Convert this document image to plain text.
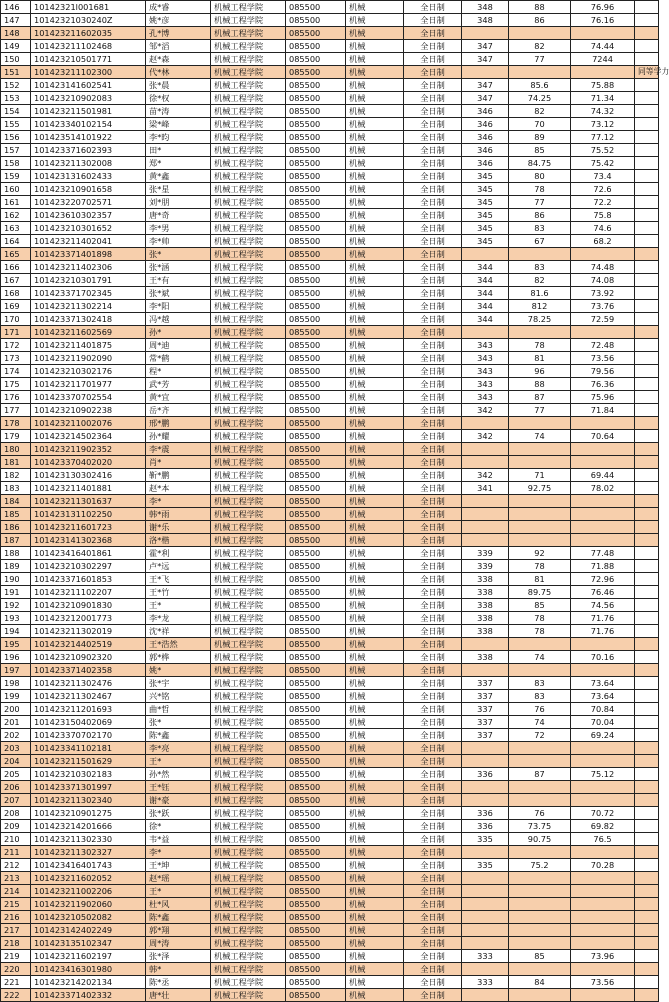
146	10142321l001681	成*睿	机械工程学院	085500	机械	全日制	348	88	76.96	
147	10142321030240Z	姚*彦	机械工程学院	085500	机械	全日制	348	86	76.16	
148	101423211602035	孔*博	机械工程学院	085500	机械	全日制				
149	101423211102468	邹*滔	机械工程学院	085500	机械	全日制	347	82	74.44	
150	101423210501771	赵*森	机械工程学院	085500	机械	全日制	347	77	7244	
151	101423211102300	代*林	机械工程学院	085500	机械	全日制				同等学力
152	101423141602541	张*晨	机械工程学院	085500	机械	全日制	347	85.6	75.88	
153	101423210902083	徐*权	机械工程学院	085500	机械	全日制	347	74.25	71.34	
154	101423211501981	苗*涛	机械工程学院	085500	机械	全日制	346	82	74.32	
155	101423340102154	梁*峰	机械工程学院	085500	机械	全日制	346	70	73.12	
156	101423514101922	李*昀	机械工程学院	085500	机械	全日制	346	89	77.12	
157	101423371602393	田*	机械工程学院	085500	机械	全日制	346	85	75.52	
158	101423211302008	郑*	机械工程学院	085500	机械	全日制	346	84.75	75.42	
159	101423131602433	黄*鑫	机械工程学院	085500	机械	全日制	345	80	73.4	
160	101423210901658	张*星	机械工程学院	085500	机械	全日制	345	78	72.6	
161	101423220702571	刘*朋	机械工程学院	085500	机械	全日制	345	77	72.2	
162	101423610302357	唐*奇	机械工程学院	085500	机械	全日制	345	86	75.8	
163	101423210301652	李*男	机械工程学院	085500	机械	全日制	345	83	74.6	
164	101423211402041	李*帅	机械工程学院	085500	机械	全日制	345	67	68.2	
165	101423371401898	张*	机械工程学院	085500	机械	全日制				
166	101423211402306	张*涵	机械工程学院	085500	机械	全日制	344	83	74.48	
167	101423210301791	王*有	机械工程学院	085500	机械	全日制	344	82	74.08	
168	101423371702345	张*斌	机械工程学院	085500	机械	全日制	344	81.6	73.92	
169	101423211302214	李*阳	机械工程学院	085500	机械	全日制	344	812	73.76	
170	101423371302418	冯*越	机械工程学院	085500	机械	全日制	344	78.25	72.59	
171	101423211602569	孙*	机械工程学院	085500	机械	全日制				
172	101423211401875	周*迪	机械工程学院	085500	机械	全日制	343	78	72.48	
173	101423211902090	常*鹤	机械工程学院	085500	机械	全日制	343	81	73.56	
174	101423210302176	程*	机械工程学院	085500	机械	全日制	343	96	79.56	
175	101423211701977	武*芳	机械工程学院	085500	机械	全日制	343	88	76.36	
176	101423370702554	黄*宜	机械工程学院	085500	机械	全日制	343	87	75.96	
177	101423210902238	岳*齐	机械工程学院	085500	机械	全日制	342	77	71.84	
178	101423211002076	邢*鹏	机械工程学院	085500	机械	全日制				
179	101423214502364	孙*耀	机械工程学院	085500	机械	全日制	342	74	70.64	
180	101423211902352	李*震	机械工程学院	085500	机械	全日制				
181	101423370402020	肖*	机械工程学院	085500	机械	全日制				
182	101423130302416	靳*鹏	机械工程学院	085500	机械	全日制	342	71	69.44	
183	101423211401881	赵*本	机械工程学院	085500	机械	全日制	341	92.75	78.02	
184	101423211301637	李*	机械工程学院	085500	机械	全日制				
185	101423131102250	韩*雨	机械工程学院	085500	机械	全日制				
186	101423211601723	谢*乐	机械工程学院	085500	机械	全日制				
187	101423141302368	洛*楷	机械工程学院	085500	机械	全日制				
188	101423416401861	霍*利	机械工程学院	085500	机械	全日制	339	92	77.48	
189	101423210302297	卢*远	机械工程学院	085500	机械	全日制	339	78	71.88	
190	101423371601853	王*飞	机械工程学院	085500	机械	全日制	338	81	72.96	
191	101423211102207	王*竹	机械工程学院	085500	机械	全日制	338	89.75	76.46	
192	101423210901830	王*	机械工程学院	085500	机械	全日制	338	85	74.56	
193	101423212001773	李*龙	机械工程学院	085500	机械	全日制	338	78	71.76	
194	101423211302019	沈*祥	机械工程学院	085500	机械	全日制	338	78	71.76	
195	101423214402519	王*浩然	机械工程学院	085500	机械	全日制				
196	101423210902320	郭*桦	机械工程学院	085500	机械	全日制	338	74	70.16	
197	101423371402358	姚*	机械工程学院	085500	机械	全日制				
198	101423211302476	张*宇	机械工程学院	085500	机械	全日制	337	83	73.64	
199	101423211302467	兴*铭	机械工程学院	085500	机械	全日制	337	83	73.64	
200	101423211201693	曲*哲	机械工程学院	085500	机械	全日制	337	76	70.84	
201	101423150402069	张*	机械工程学院	085500	机械	全日制	337	74	70.04	
202	101423370702170	陈*鑫	机械工程学院	085500	机械	全日制	337	72	69.24	
203	101423341102181	李*亮	机械工程学院	085500	机械	全日制				
204	101423211501629	王*	机械工程学院	085500	机械	全日制				
205	101423210302183	孙*然	机械工程学院	085500	机械	全日制	336	87	75.12	
206	101423371301997	王*钰	机械工程学院	085500	机械	全日制				
207	101423211302340	谢*豪	机械工程学院	085500	机械	全日制				
208	101423210901275	张*跃	机械工程学院	085500	机械	全日制	336	76	70.72	
209	101423214201666	徐*	机械工程学院	085500	机械	全日制	336	73.75	69.82	
210	101423211302330	韦*益	机械工程学院	085500	机械	全日制	335	90.75	76.5	
211	101423211302327	李*	机械工程学院	085500	机械	全日制				
212	101423416401743	王*坤	机械工程学院	085500	机械	全日制	335	75.2	70.28	
213	101423211602052	赵*瑶	机械工程学院	085500	机械	全日制				
214	101423211002206	王*	机械工程学院	085500	机械	全日制				
215	101423211902060	杜*风	机械工程学院	085500	机械	全日制				
216	101423210502082	陈*鑫	机械工程学院	085500	机械	全日制				
217	101423142402249	郭*翔	机械工程学院	085500	机械	全日制				
218	101423135102347	周*涛	机械工程学院	085500	机械	全日制				
219	101423211602197	张*泽	机械工程学院	085500	机械	全日制	333	85	73.96	
220	101423416301980	韩*	机械工程学院	085500	机械	全日制				
221	101423214202134	陈*丞	机械工程学院	085500	机械	全日制	333	84	73.56	
222	101423371402332	唐*壮	机械工程学院	085500	机械	全日制				
